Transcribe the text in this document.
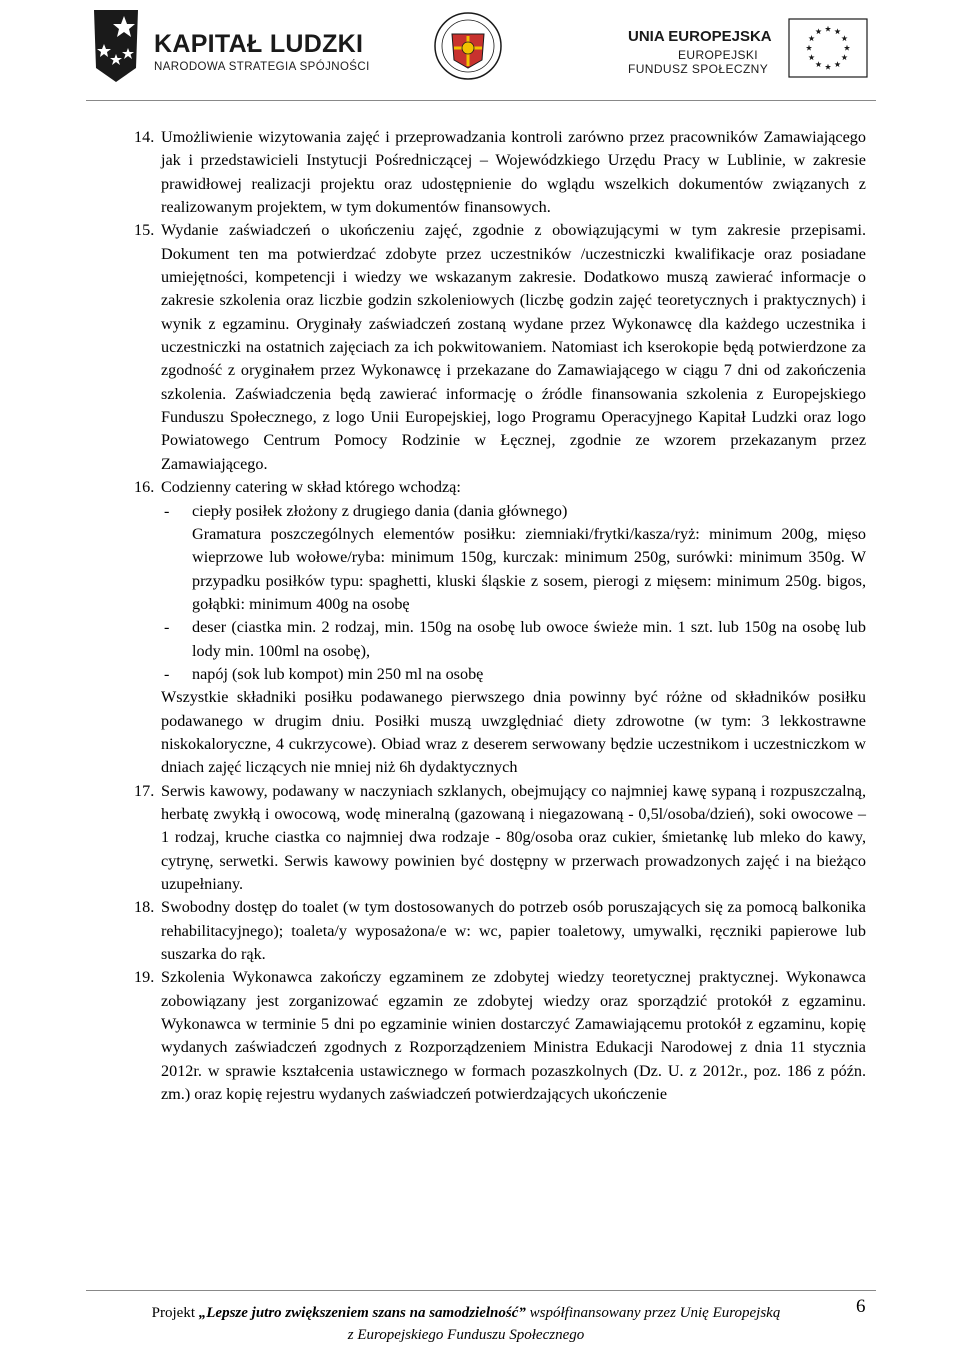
KAPITAŁ LUDZKI
NARODOWA STRATEGIA SPÓJNOŚCI
UNIA EUROPEJSKA
EUROPEJSKI
FUNDUSZ SPOŁECZNY

14. Umożliwienie wizytowania zajęć i przeprowadzania kontroli zarówno przez pracowników Zamawiającego jak i przedstawicieli Instytucji Pośredniczącej – Wojewódzkiego Urzędu Pracy w Lublinie, w zakresie prawidłowej realizacji projektu oraz udostępnienie do wglądu wszelkich dokumentów związanych z realizowanym projektem, w tym dokumentów finansowych.

15. Wydanie zaświadczeń o ukończeniu zajęć, zgodnie z obowiązującymi w tym zakresie przepisami. Dokument ten ma potwierdzać zdobyte przez uczestników /uczestniczki kwalifikacje oraz posiadane umiejętności, kompetencji i wiedzy we wskazanym zakresie. Dodatkowo muszą zawierać informacje o zakresie szkolenia oraz liczbie godzin szkoleniowych (liczbę godzin zajęć teoretycznych i praktycznych) i wynik z egzaminu. Oryginały zaświadczeń zostaną wydane przez Wykonawcę dla każdego uczestnika i uczestniczki na ostatnich zajęciach za ich pokwitowaniem. Natomiast ich kserokopie będą potwierdzone za zgodność z oryginałem przez Wykonawcę i przekazane do Zamawiającego w ciągu 7 dni od zakończenia szkolenia. Zaświadczenia będą zawierać informację o źródle finansowania szkolenia z Europejskiego Funduszu Społecznego, z logo Unii Europejskiej, logo Programu Operacyjnego Kapitał Ludzki oraz logo Powiatowego Centrum Pomocy Rodzinie w Łęcznej, zgodnie ze wzorem przekazanym przez Zamawiającego.

16. Codzienny catering w skład którego wchodzą:

- ciepły posiłek złożony z drugiego dania (dania głównego)

Gramatura poszczególnych elementów posiłku: ziemniaki/frytki/kasza/ryż: minimum 200g, mięso wieprzowe lub wołowe/ryba: minimum 150g, kurczak: minimum 250g, surówki: minimum 350g. W przypadku posiłków typu: spaghetti, kluski śląskie z sosem, pierogi z mięsem: minimum 250g. bigos, gołąbki: minimum 400g na osobę

- deser (ciastka min. 2 rodzaj, min. 150g na osobę lub owoce świeże min. 1 szt. lub 150g na osobę lub lody min. 100ml na osobę),

- napój (sok lub kompot) min 250 ml na osobę

Wszystkie składniki posiłku podawanego pierwszego dnia powinny być różne od składników posiłku podawanego w drugim dniu. Posiłki muszą uwzględniać diety zdrowotne (w tym: 3 lekkostrawne niskokaloryczne, 4 cukrzycowe). Obiad wraz z deserem serwowany będzie uczestnikom i uczestniczkom w dniach zajęć liczących nie mniej niż 6h dydaktycznych

17. Serwis kawowy, podawany w naczyniach szklanych, obejmujący co najmniej kawę sypaną i rozpuszczalną, herbatę zwykłą i owocową, wodę mineralną (gazowaną i niegazowaną - 0,5l/osoba/dzień), soki owocowe – 1 rodzaj, kruche ciastka co najmniej dwa rodzaje - 80g/osoba oraz cukier, śmietankę lub mleko do kawy, cytrynę, serwetki. Serwis kawowy powinien być dostępny w przerwach prowadzonych zajęć i na bieżąco uzupełniany.

18. Swobodny dostęp do toalet (w tym dostosowanych do potrzeb osób poruszających się za pomocą balkonika rehabilitacyjnego); toaleta/y wyposażona/e w: wc, papier toaletowy, umywalki, ręczniki papierowe lub suszarka do rąk.

19. Szkolenia Wykonawca zakończy egzaminem ze zdobytej wiedzy teoretycznej praktycznej. Wykonawca zobowiązany jest zorganizować egzamin ze zdobytej wiedzy oraz sporządzić protokół z egzaminu. Wykonawca w terminie 5 dni po egzaminie winien dostarczyć Zamawiającemu protokół z egzaminu, kopię wydanych zaświadczeń zgodnych z Rozporządzeniem Ministra Edukacji Narodowej z dnia 11 stycznia 2012r. w sprawie kształcenia ustawicznego w formach pozaszkolnych (Dz. U. z 2012r., poz. 186 z późn. zm.) oraz kopię rejestru wydanych zaświadczeń potwierdzających ukończenie

Projekt „Lepsze jutro zwiększeniem szans na samodzielność” współfinansowany przez Unię Europejską
z Europejskiego Funduszu Społecznego
6
